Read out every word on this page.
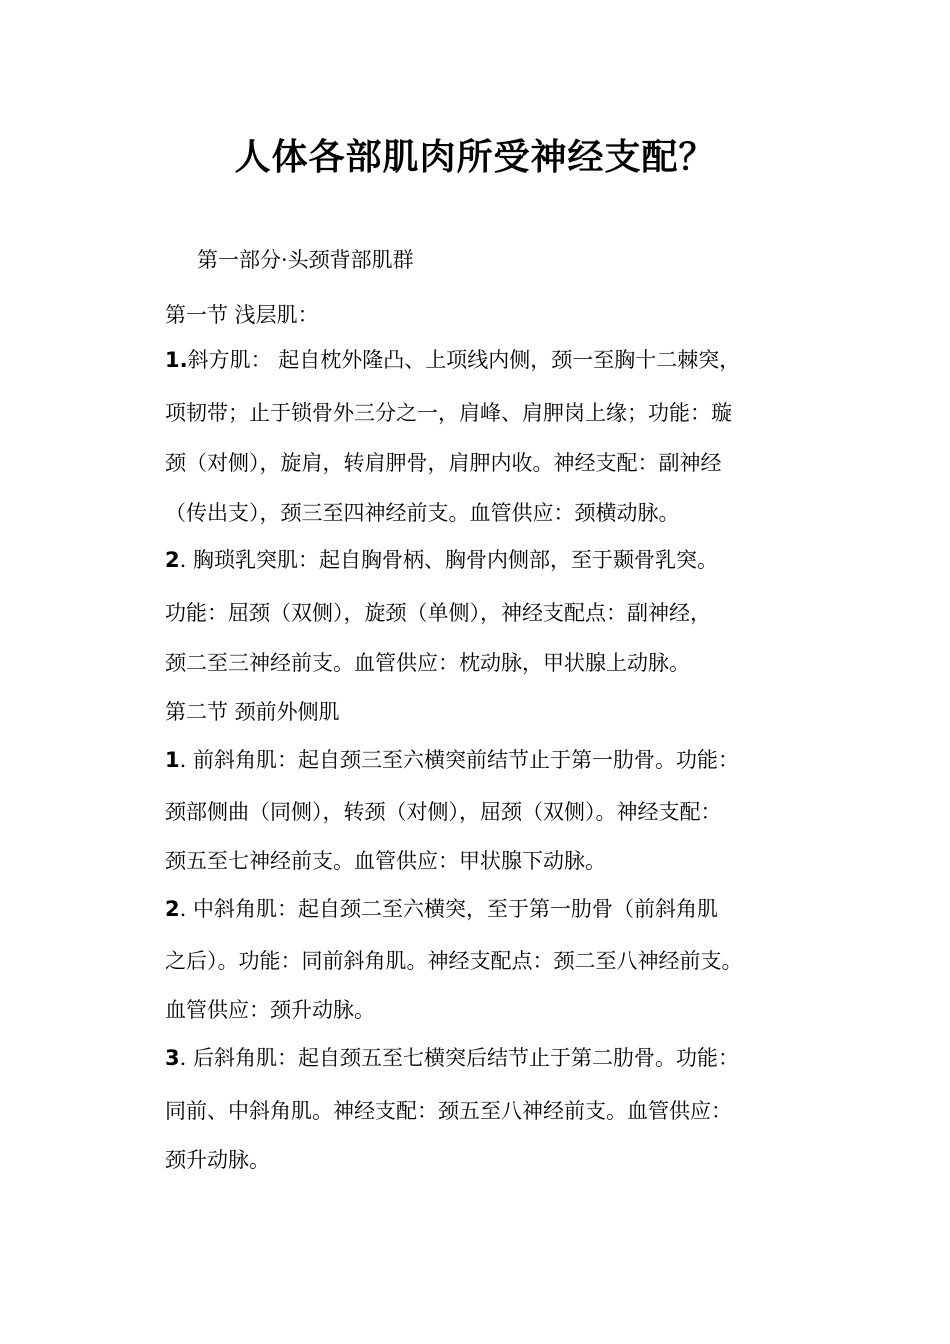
人体各部肌肉所受神经支配？
第一部分·头颈背部肌群
第一节 浅层肌：
1.斜方肌： 起自枕外隆凸、上项线内侧，颈一至胸十二棘突，
项韧带；止于锁骨外三分之一，肩峰、肩胛岗上缘；功能：璇
颈（对侧），旋肩，转肩胛骨，肩胛内收。神经支配：副神经
（传出支），颈三至四神经前支。血管供应：颈横动脉。
2. 胸琐乳突肌：起自胸骨柄、胸骨内侧部，至于颞骨乳突。
功能：屈颈（双侧），旋颈（单侧），神经支配点：副神经，
颈二至三神经前支。血管供应：枕动脉，甲状腺上动脉。
第二节 颈前外侧肌
1. 前斜角肌：起自颈三至六横突前结节止于第一肋骨。功能：
颈部侧曲（同侧），转颈（对侧），屈颈（双侧）。神经支配：
颈五至七神经前支。血管供应：甲状腺下动脉。
2. 中斜角肌：起自颈二至六横突，至于第一肋骨（前斜角肌
之后）。功能：同前斜角肌。神经支配点：颈二至八神经前支。
血管供应：颈升动脉。
3. 后斜角肌：起自颈五至七横突后结节止于第二肋骨。功能：
同前、中斜角肌。神经支配：颈五至八神经前支。血管供应：
颈升动脉。
